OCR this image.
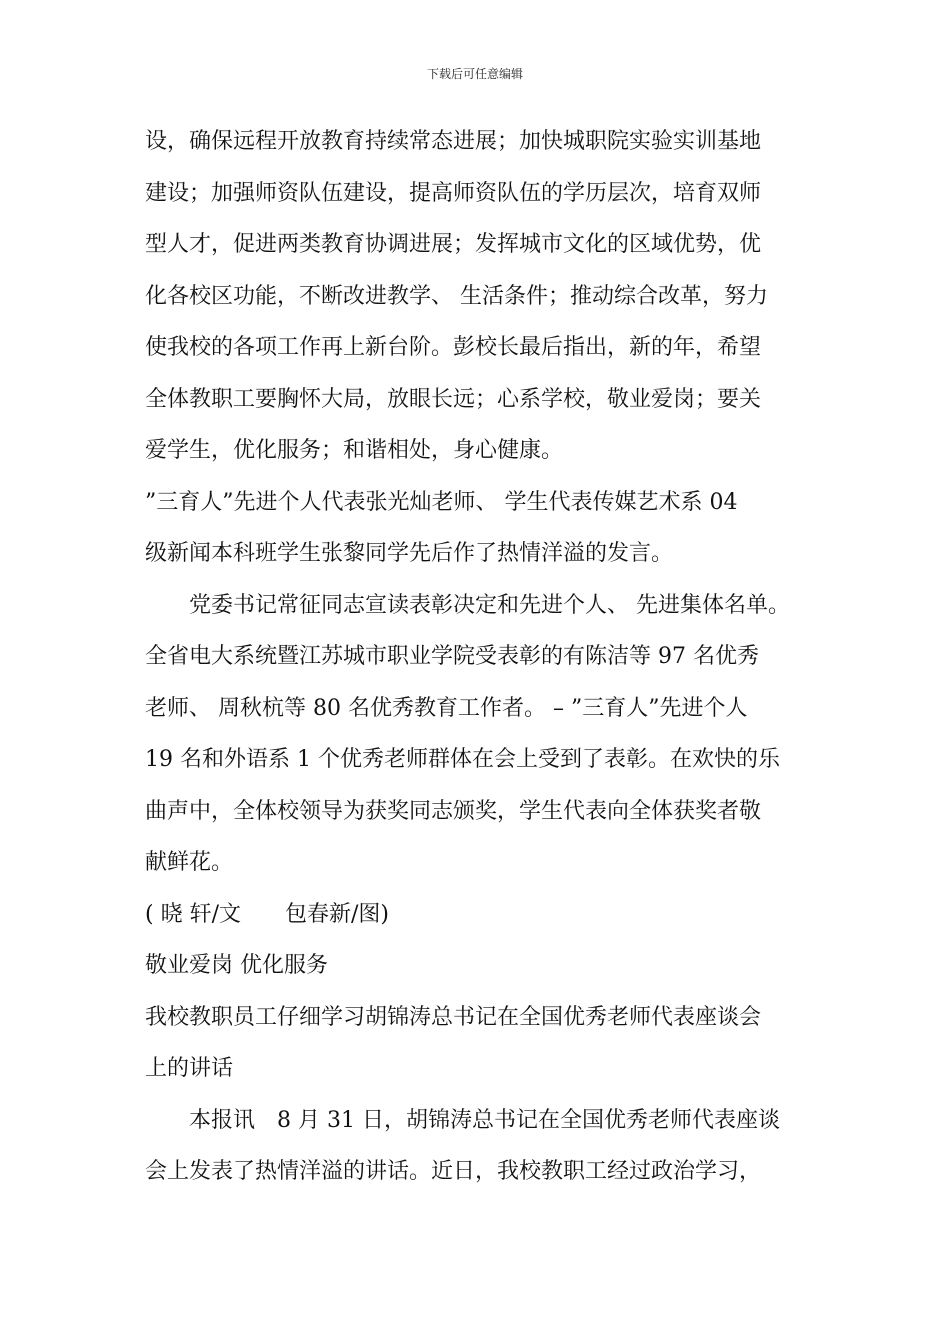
下载后可任意编辑
设，确保远程开放教育持续常态进展；加快城职院实验实训基地
建设；加强师资队伍建设，提高师资队伍的学历层次，培育双师
型人才，促进两类教育协调进展；发挥城市文化的区域优势，优
化各校区功能，不断改进教学、 生活条件；推动综合改革，努力
使我校的各项工作再上新台阶。彭校长最后指出，新的年，希望
全体教职工要胸怀大局，放眼长远；心系学校，敬业爱岗；要关
爱学生，优化服务；和谐相处，身心健康。
”三育人”先进个人代表张光灿老师、 学生代表传媒艺术系 04
级新闻本科班学生张黎同学先后作了热情洋溢的发言。
　　党委书记常征同志宣读表彰决定和先进个人、 先进集体名单。
全省电大系统暨江苏城市职业学院受表彰的有陈洁等 97 名优秀
老师、 周秋杭等 80 名优秀教育工作者。 – ”三育人”先进个人
19 名和外语系 1 个优秀老师群体在会上受到了表彰。在欢快的乐
曲声中，全体校领导为获奖同志颁奖，学生代表向全体获奖者敬
献鲜花。
( 晓 轩/文　　包春新/图)
敬业爱岗 优化服务
我校教职员工仔细学习胡锦涛总书记在全国优秀老师代表座谈会
上的讲话
　　本报讯　8 月 31 日，胡锦涛总书记在全国优秀老师代表座谈
会上发表了热情洋溢的讲话。近日，我校教职工经过政治学习，
